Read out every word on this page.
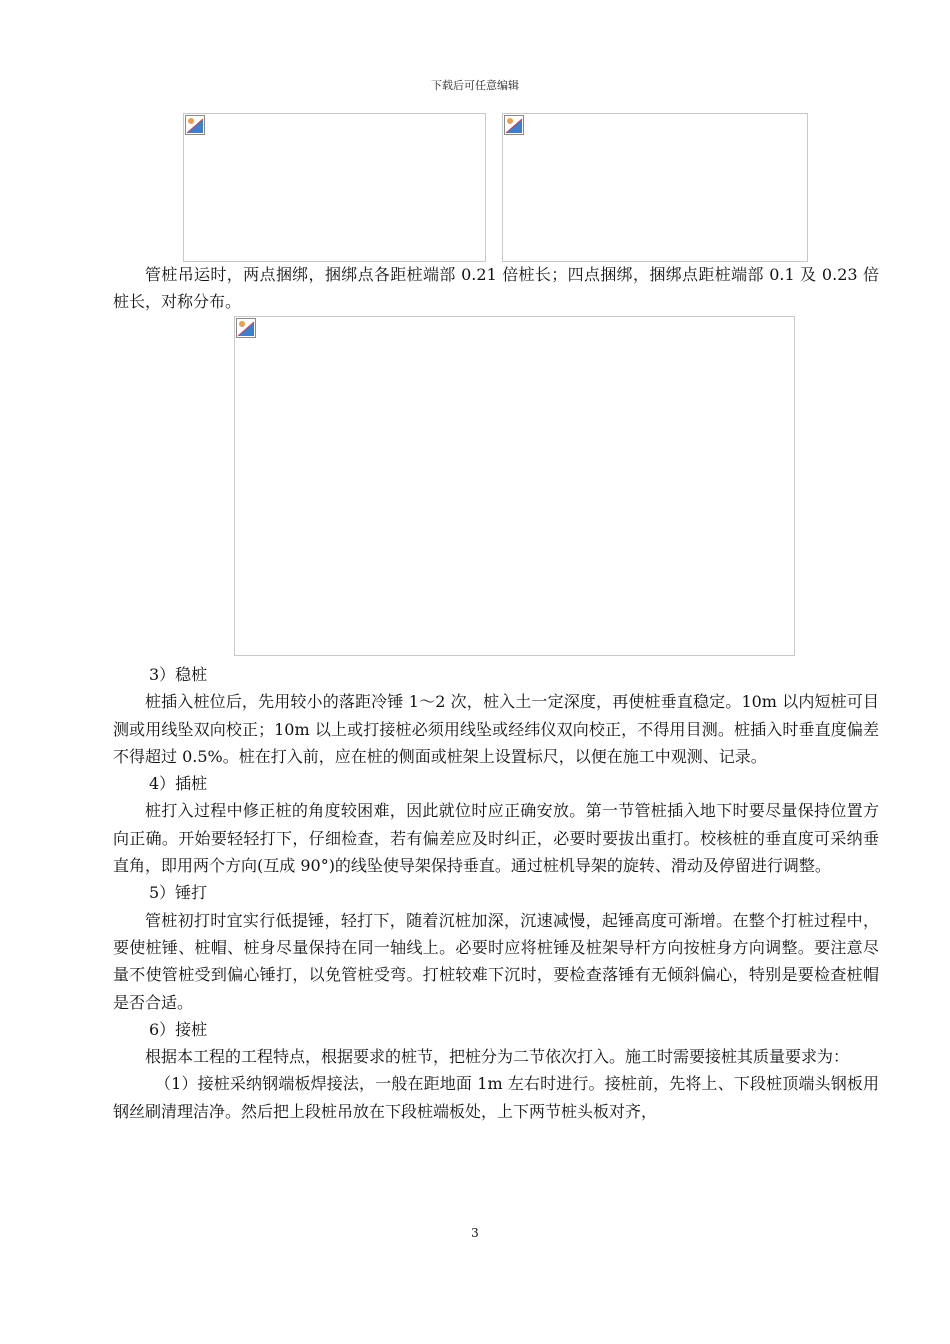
下载后可任意编辑

管桩吊运时，两点捆绑，捆绑点各距桩端部 0.21 倍桩长；四点捆绑，捆绑点距桩端部 0.1 及 0.23 倍桩长，对称分布。

3）稳桩

桩插入桩位后，先用较小的落距冷锤 1～2 次，桩入土一定深度，再使桩垂直稳定。10m 以内短桩可目测或用线坠双向校正；10m 以上或打接桩必须用线坠或经纬仪双向校正，不得用目测。桩插入时垂直度偏差不得超过 0.5%。桩在打入前，应在桩的侧面或桩架上设置标尺，以便在施工中观测、记录。

4）插桩

桩打入过程中修正桩的角度较困难，因此就位时应正确安放。第一节管桩插入地下时要尽量保持位置方向正确。开始要轻轻打下，仔细检查，若有偏差应及时纠正，必要时要拔出重打。校核桩的垂直度可采纳垂直角，即用两个方向(互成 90°)的线坠使导架保持垂直。通过桩机导架的旋转、滑动及停留进行调整。

5）锤打

管桩初打时宜实行低提锤，轻打下，随着沉桩加深，沉速减慢，起锤高度可渐增。在整个打桩过程中，要使桩锤、桩帽、桩身尽量保持在同一轴线上。必要时应将桩锤及桩架导杆方向按桩身方向调整。要注意尽量不使管桩受到偏心锤打，以免管桩受弯。打桩较难下沉时，要检查落锤有无倾斜偏心，特别是要检查桩帽是否合适。

6）接桩

根据本工程的工程特点，根据要求的桩节，把桩分为二节依次打入。施工时需要接桩其质量要求为：

（1）接桩采纳钢端板焊接法，一般在距地面 1m 左右时进行。接桩前，先将上、下段桩顶端头钢板用钢丝刷清理洁净。然后把上段桩吊放在下段桩端板处，上下两节桩头板对齐，

3
